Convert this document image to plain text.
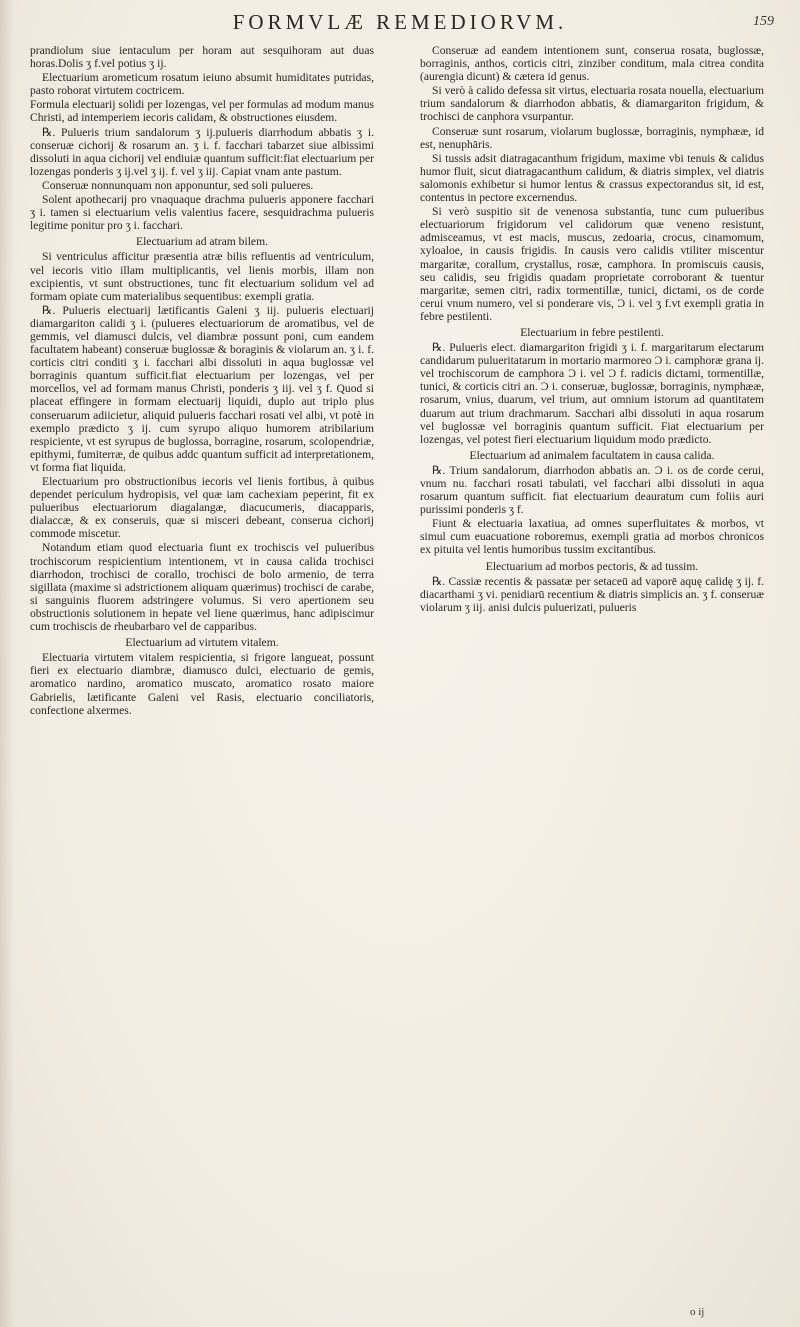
FORMVLÆ REMEDIORVM.	159

prandiolum siue ientaculum per horam aut sesquihoram aut duas horas.Dolis ʒ f.vel potius ʒ ij.

Electuarium arometicum rosatum ieiuno absumit humiditates putridas, pasto roborat virtutem coctricem.

Formula electuarij solidi per lozengas, vel per formulas ad modum manus Christi, ad intemperiem iecoris calidam, & obstructiones eiusdem.

℞. Pulueris trium sandalorum ʒ ij.pulueris diarrhodum abbatis ʒ i. conseruæ cichorij & rosarum an. ʒ i. f. facchari tabarzet siue albissimi dissoluti in aqua cichorij vel endiuiæ quantum sufficit:fiat electuarium per lozengas ponderis ʒ ij.vel ʒ ij. f. vel ʒ iij. Capiat vnam ante pastum.

Conseruæ nonnunquam non apponuntur, sed soli pulueres.

Solent apothecarij pro vnaquaque drachma pulueris apponere facchari ʒ i. tamen si electuarium velis valentius facere, sesquidrachma pulueris legitime ponitur pro ʒ i. facchari.

Electuarium ad atram bilem.

Si ventriculus afficitur præsentia atræ bilis refluentis ad ventriculum, vel iecoris vitio illam multiplicantis, vel lienis morbis, illam non excipientis, vt sunt obstructiones, tunc fit electuarium solidum vel ad formam opiate cum materialibus sequentibus: exempli gratia.

℞. Pulueris electuarij lætificantis Galeni ʒ iij. pulueris electuarij diamargariton calidi ʒ i. (pulueres electuariorum de aromatibus, vel de gemmis, vel diamusci dulcis, vel diambræ possunt poni, cum eandem facultatem habeant) conseruæ buglossæ & boraginis & violarum an. ʒ i. f. corticis citri conditi ʒ i. facchari albi dissoluti in aqua buglossæ vel borraginis quantum sufficit.fiat electuarium per lozengas, vel per morcellos, vel ad formam manus Christi, ponderis ʒ iij. vel ʒ f. Quod si placeat effingere in formam electuarij liquidi, duplo aut triplo plus conseruarum adiicietur, aliquid pulueris facchari rosati vel albi, vt potè in exemplo prædicto ʒ ij. cum syrupo aliquo humorem atribilarium respiciente, vt est syrupus de buglossa, borragine, rosarum, scolopendriæ, epithymi, fumiterræ, de quibus addc quantum sufficit ad interpretationem, vt forma fiat liquida.

Electuarium pro obstructionibus iecoris vel lienis fortibus, à quibus dependet periculum hydropisis, vel quæ iam cachexiam peperint, fit ex pulueribus electuariorum diagalangæ, diacucumeris, diacapparis, dialaccæ, & ex conseruis, quæ si misceri debeant, conserua cichorij commode miscetur.

Notandum etiam quod electuaria fiunt ex trochiscis vel pulueribus trochiscorum respicientium intentionem, vt in causa calida trochisci diarrhodon, trochisci de corallo, trochisci de bolo armenio, de terra sigillata (maxime si adstrictionem aliquam quærimus) trochisci de carabe, si sanguinis fluorem adstringere volumus. Si vero apertionem seu obstructionis solutionem in hepate vel liene quærimus, hanc adipiscimur cum trochiscis de rheubarbaro vel de capparibus.

Electuarium ad virtutem vitalem.

Electuaria virtutem vitalem respicientia, si frigore langueat, possunt fieri ex electuario diambræ, diamusco dulci, electuario de gemis, aromatico nardino, aromatico muscato, aromatico rosato maiore Gabrielis, lætificante Galeni vel Rasis, electuario conciliatoris, confectione alxermes.

Conseruæ ad eandem intentionem sunt, conserua rosata, buglossæ, borraginis, anthos, corticis citri, zinziber conditum, mala citrea condita (aurengia dicunt) & cætera id genus.

Si verò à calido defessa sit virtus, electuaria rosata nouella, electuarium trium sandalorum & diarrhodon abbatis, & diamargariton frigidum, & trochisci de canphora vsurpantur.

Conseruæ sunt rosarum, violarum buglossæ, borraginis, nymphææ, id est, nenuphāris.

Si tussis adsit diatragacanthum frigidum, maxime vbi tenuis & calidus humor fluit, sicut diatragacanthum calidum, & diatris simplex, vel diatris salomonis exhibetur si humor lentus & crassus expectorandus sit, id est, contentus in pectore excernendus.

Si verò suspitio sit de venenosa substantia, tunc cum pulueribus electuariorum frigidorum vel calidorum quæ veneno resistunt, admisceamus, vt est macis, muscus, zedoaria, crocus, cinamomum, xyloaloe, in causis frigidis. In causis vero calidis vtiliter miscentur margaritæ, corallum, crystallus, rosæ, camphora. In promiscuis causis, seu calidis, seu frigidis quadam proprietate corroborant & tuentur margaritæ, semen citri, radix tormentillæ, tunici, dictami, os de corde cerui vnum numero, vel si ponderare vis, Ɔ i. vel ʒ f.vt exempli gratia in febre pestilenti.

Electuarium in febre pestilenti.

℞. Pulueris elect. diamargariton frigidi ʒ i. f. margaritarum electarum candidarum pulueritatarum in mortario marmoreo Ɔ i. camphoræ grana ij. vel trochiscorum de camphora Ɔ i. vel Ɔ f. radicis dictami, tormentillæ, tunici, & corticis citri an. Ɔ i. conseruæ, buglossæ, borraginis, nymphææ, rosarum, vnius, duarum, vel trium, aut omnium istorum ad quantitatem duarum aut trium drachmarum. Sacchari albi dissoluti in aqua rosarum vel buglossæ vel borraginis quantum sufficit. Fiat electuarium per lozengas, vel potest fieri electuarium liquidum modo prædicto.

Electuarium ad animalem facultatem in causa calida.

℞. Trium sandalorum, diarrhodon abbatis an. Ɔ i. os de corde cerui, vnum nu. facchari rosati tabulati, vel facchari albi dissoluti in aqua rosarum quantum sufficit. fiat electuarium deauratum cum foliis auri purissimi ponderis ʒ f.

Fiunt & electuaria laxatiua, ad omnes superfluitates & morbos, vt simul cum euacuatione roboremus, exempli gratia ad morbos chronicos ex pituita vel lentis humoribus tussim excitantibus.

Electuarium ad morbos pectoris, & ad tussim.

℞. Cassiæ recentis & passatæ per setaceū ad vaporē aquę calidę ʒ ij. f. diacarthami ʒ vi. penidiarū recentium & diatris simplicis an. ʒ f. conseruæ violarum ʒ iij. anisi dulcis puluerizati, pulueris

o ij
